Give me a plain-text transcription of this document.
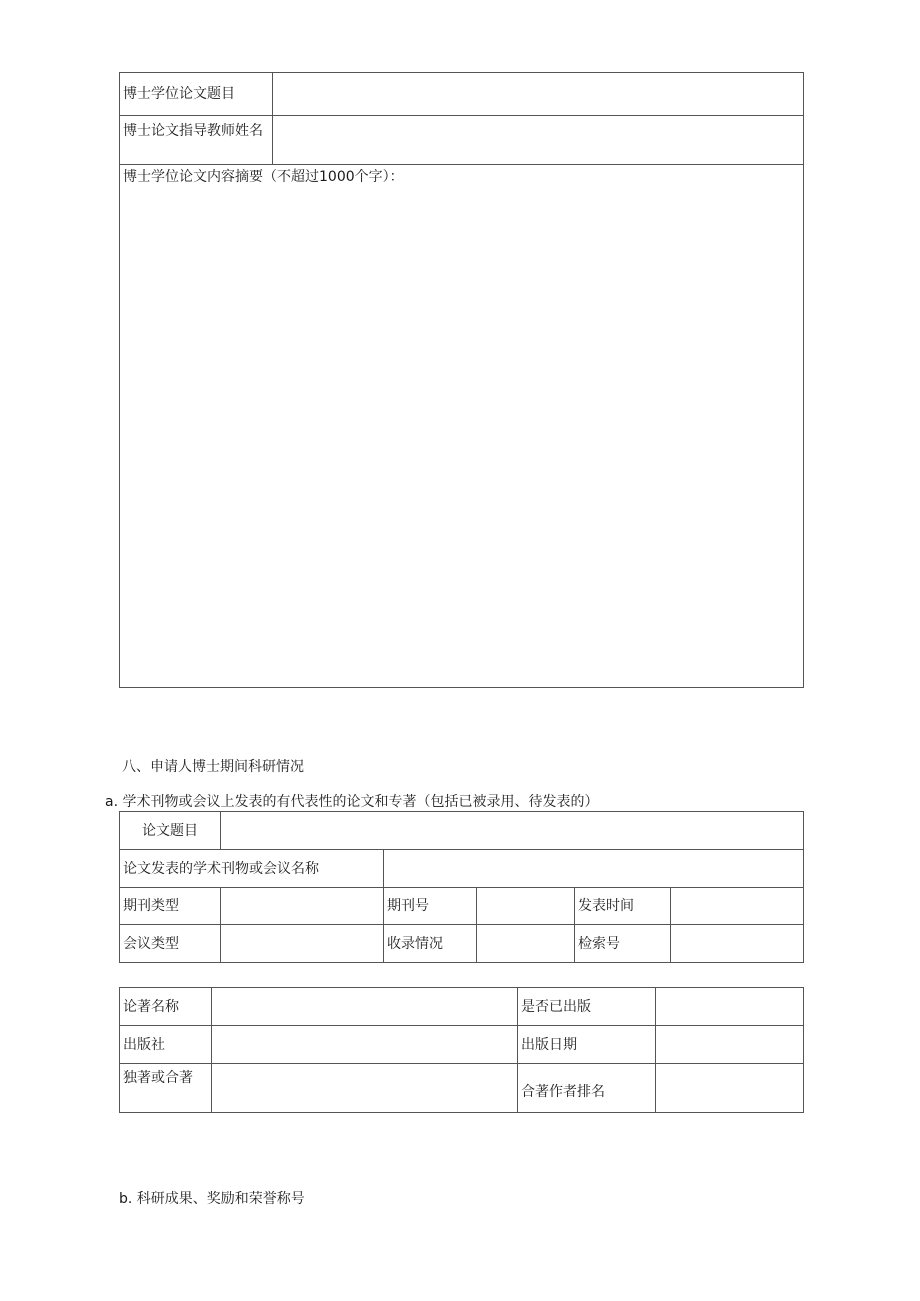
博士学位论文题目	
博士论文指导教师姓名	

博士学位论文内容摘要（不超过1000个字）：	
八、申请人博士期间科研情况
a. 学术刊物或会议上发表的有代表性的论文和专著（包括已被录用、待发表的）
论文题目					
论文发表的学术刊物或会议名称					
期刊类型		期刊号		发表时间	
会议类型		收录情况		检索号	
论著名称		是否已出版	
出版社		出版日期	
独著或合著		合著作者排名	
b. 科研成果、奖励和荣誉称号
